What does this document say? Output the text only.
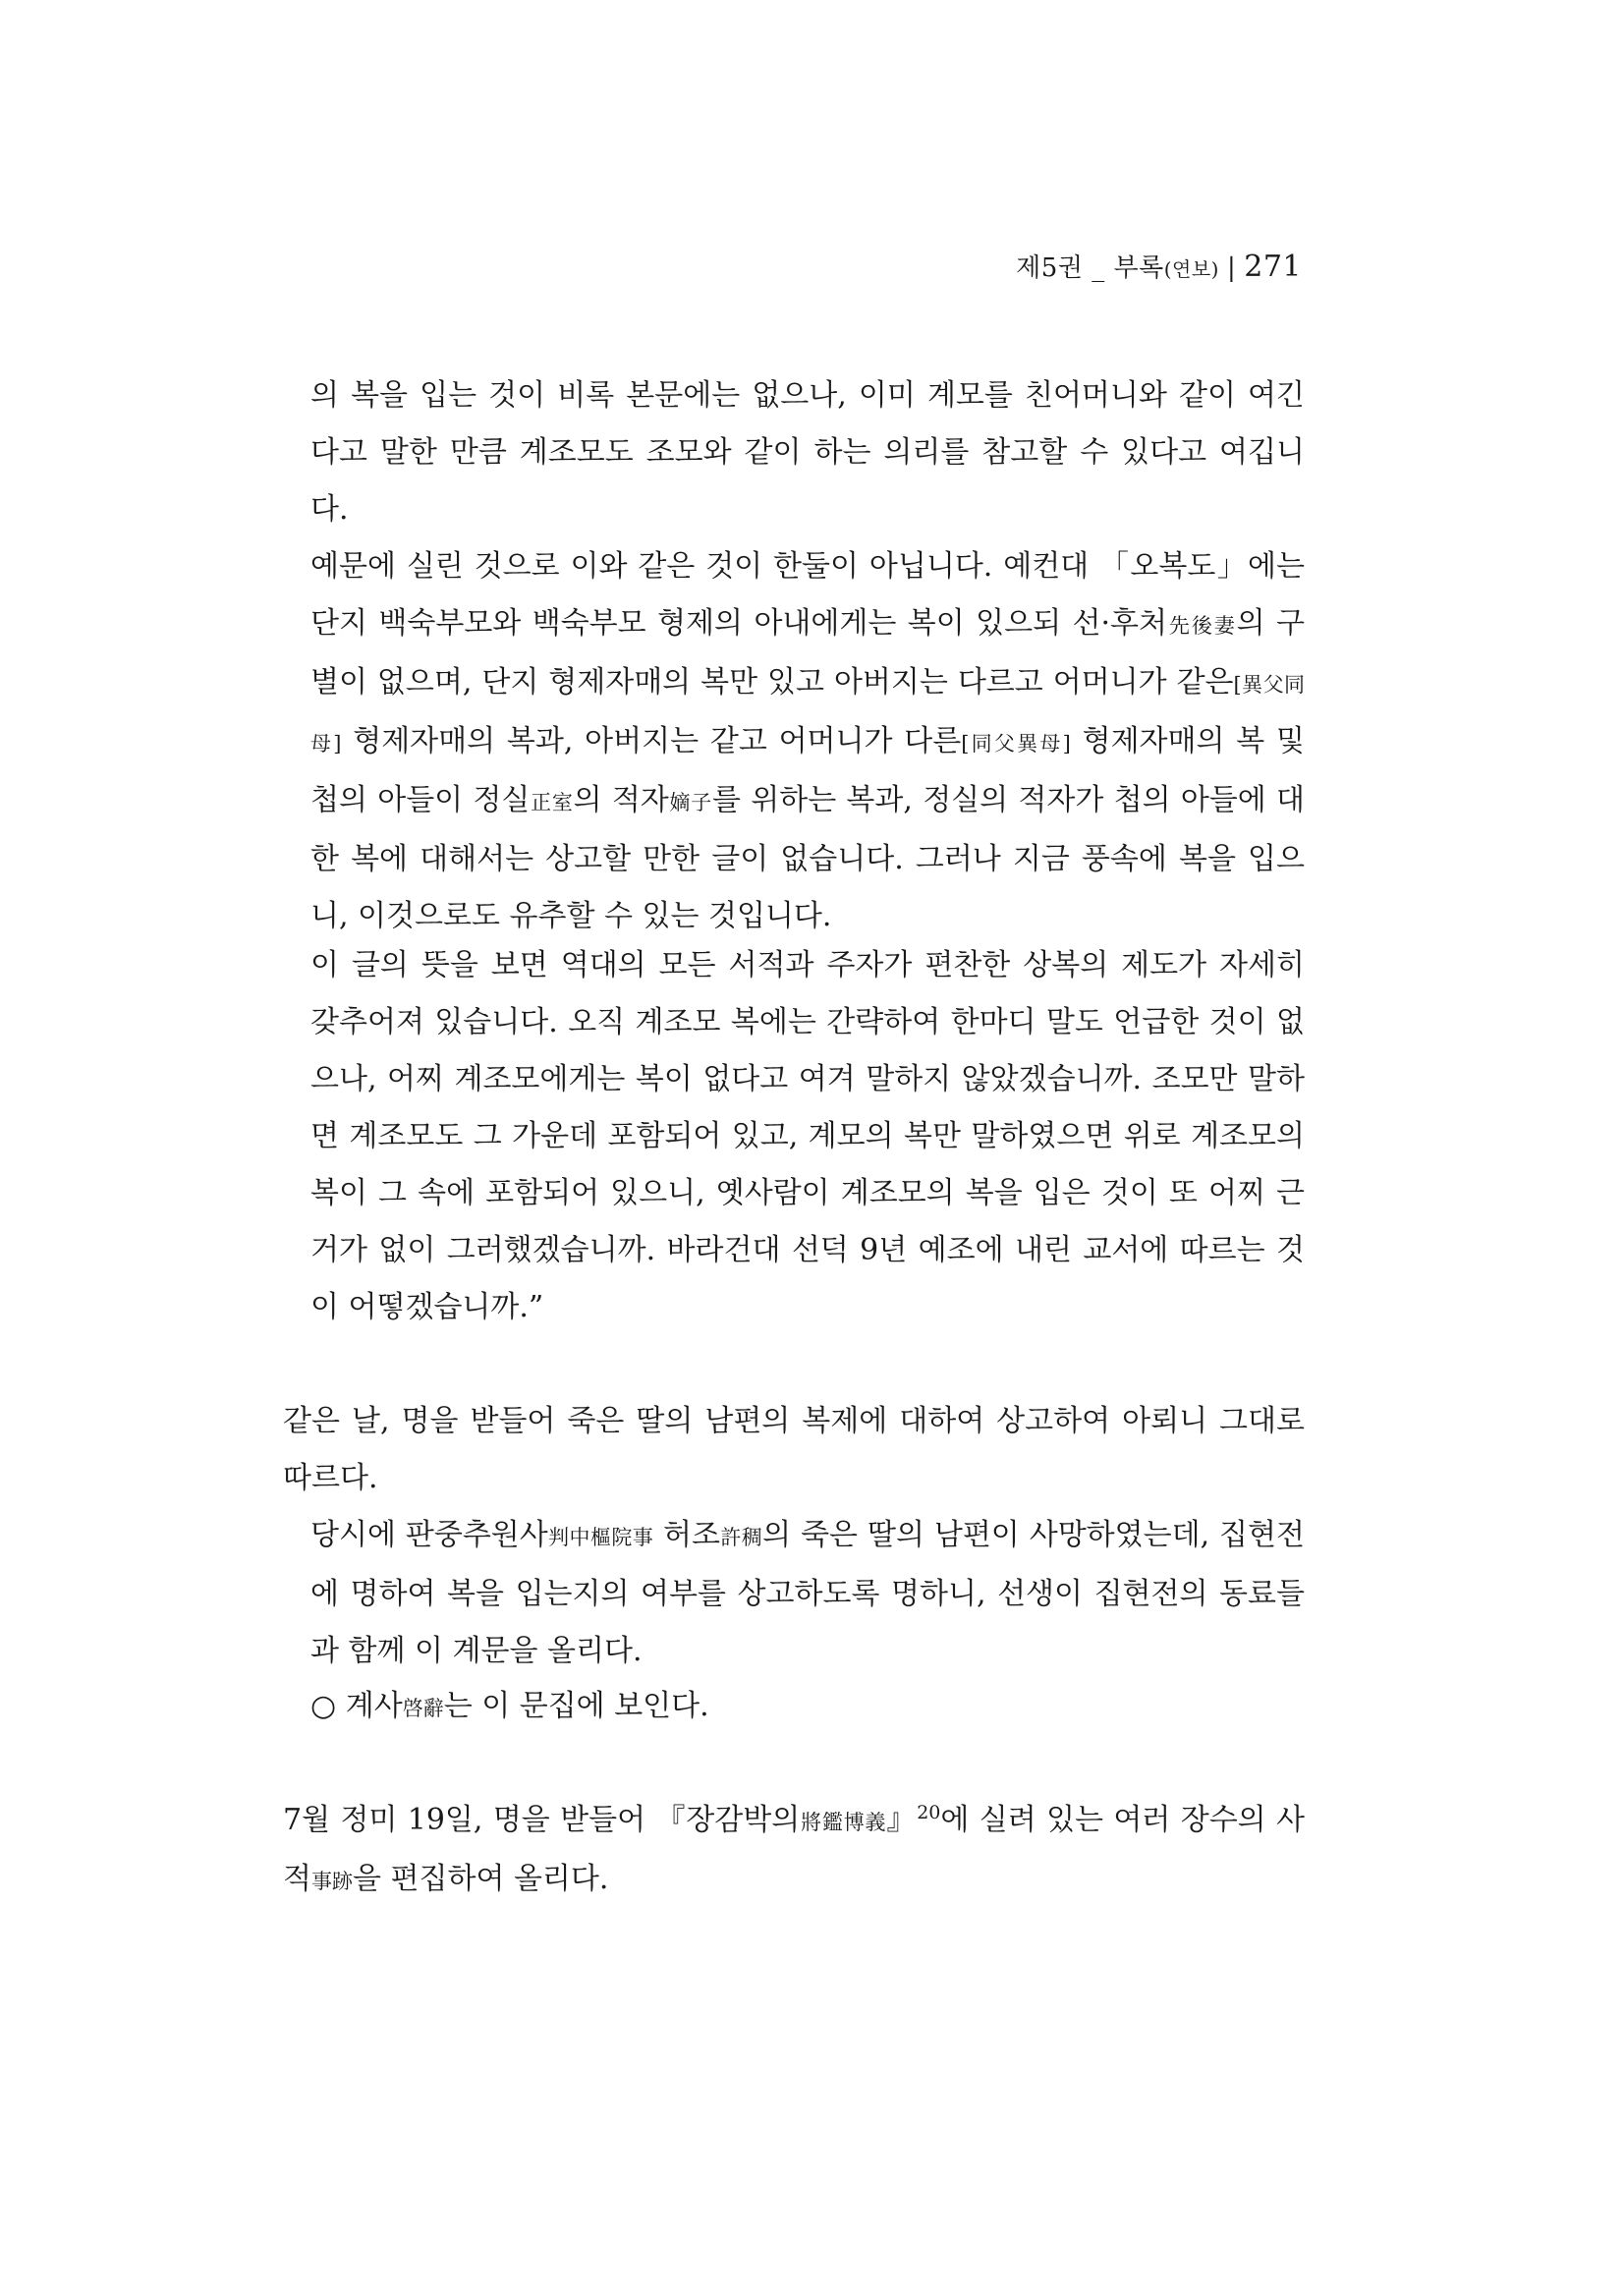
제5권 _ 부록(연보) | 271

의 복을 입는 것이 비록 본문에는 없으나, 이미 계모를 친어머니와 같이 여긴다고 말한 만큼 계조모도 조모와 같이 하는 의리를 참고할 수 있다고 여깁니다.

예문에 실린 것으로 이와 같은 것이 한둘이 아닙니다. 예컨대 「오복도」에는 단지 백숙부모와 백숙부모 형제의 아내에게는 복이 있으되 선·후처先後妻의 구별이 없으며, 단지 형제자매의 복만 있고 아버지는 다르고 어머니가 같은[異父同母] 형제자매의 복과, 아버지는 같고 어머니가 다른[同父異母] 형제자매의 복 및 첩의 아들이 정실正室의 적자嫡子를 위하는 복과, 정실의 적자가 첩의 아들에 대한 복에 대해서는 상고할 만한 글이 없습니다. 그러나 지금 풍속에 복을 입으니, 이것으로도 유추할 수 있는 것입니다.

이 글의 뜻을 보면 역대의 모든 서적과 주자가 편찬한 상복의 제도가 자세히 갖추어져 있습니다. 오직 계조모 복에는 간략하여 한마디 말도 언급한 것이 없으나, 어찌 계조모에게는 복이 없다고 여겨 말하지 않았겠습니까. 조모만 말하면 계조모도 그 가운데 포함되어 있고, 계모의 복만 말하였으면 위로 계조모의 복이 그 속에 포함되어 있으니, 옛사람이 계조모의 복을 입은 것이 또 어찌 근거가 없이 그러했겠습니까. 바라건대 선덕 9년 예조에 내린 교서에 따르는 것이 어떻겠습니까.”

같은 날, 명을 받들어 죽은 딸의 남편의 복제에 대하여 상고하여 아뢰니 그대로 따르다.

당시에 판중추원사判中樞院事 허조許稠의 죽은 딸의 남편이 사망하였는데, 집현전에 명하여 복을 입는지의 여부를 상고하도록 명하니, 선생이 집현전의 동료들과 함께 이 계문을 올리다.

○ 계사啓辭는 이 문집에 보인다.

7월 정미 19일, 명을 받들어 『장감박의將鑑博義』$^{20}$에 실려 있는 여러 장수의 사적事跡을 편집하여 올리다.
